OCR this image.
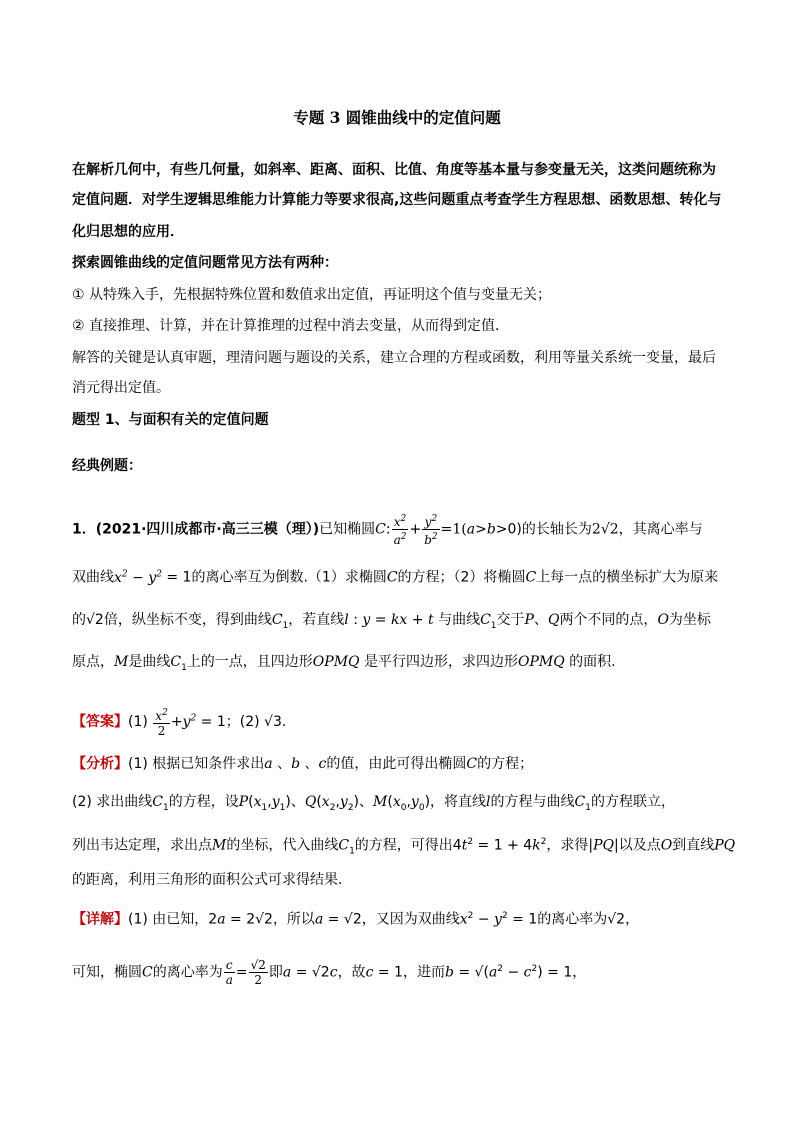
专题 3 圆锥曲线中的定值问题
在解析几何中，有些几何量，如斜率、距离、面积、比值、角度等基本量与参变量无关，这类问题统称为
定值问题．对学生逻辑思维能力计算能力等要求很高,这些问题重点考查学生方程思想、函数思想、转化与
化归思想的应用．
探索圆锥曲线的定值问题常见方法有两种：
① 从特殊入手，先根据特殊位置和数值求出定值，再证明这个值与变量无关；
② 直接推理、计算，并在计算推理的过程中消去变量，从而得到定值．
解答的关键是认真审题，理清问题与题设的关系，建立合理的方程或函数，利用等量关系统一变量，最后
消元得出定值。
题型 1、与面积有关的定值问题
经典例题：
1．(2021·四川成都市·高三三模（理）)已知椭圆C: $\frac{x^2}{a^2} + \frac{y^2}{b^2} =1(a>b>0)$的长轴长为2√2，其离心率与
双曲线$x^2 - y^2 = 1$的离心率互为倒数.（1）求椭圆C的方程；（2）将椭圆C上每一点的横坐标扩大为原来
的√2倍，纵坐标不变，得到曲线$C_1$，若直线l : y = kx + t 与曲线$C_1$交于P、Q两个不同的点，O为坐标
原点，M是曲线$C_1$上的一点，且四边形OPMQ 是平行四边形，求四边形OPMQ 的面积.
【答案】$(1) \frac{x^2}{2} +y^2 = 1$；(2) √3.
【分析】(1) 根据已知条件求出a 、b 、c的值，由此可得出椭圆C的方程；
(2) 求出曲线$C_1$的方程，设$P(x_1,y_1)$、$Q(x_2,y_2)$、$M(x_0,y_0)$，将直线l的方程与曲线$C_1$的方程联立，
列出韦达定理，求出点M的坐标，代入曲线$C_1$的方程，可得出$4t^2 = 1 + 4k^2$，求得|PQ|以及点O到直线PQ
的距离，利用三角形的面积公式可求得结果.
【详解】(1) 由已知，2a = 2√2，所以a = √2，又因为双曲线$x^2 - y^2 = 1$的离心率为√2，
可知，椭圆C的离心率为 $\frac{c}{a} = \frac{√2}{2}$ 即a = √2c，故c = 1，进而$b = √(a^2 - c^2) = 1$，
